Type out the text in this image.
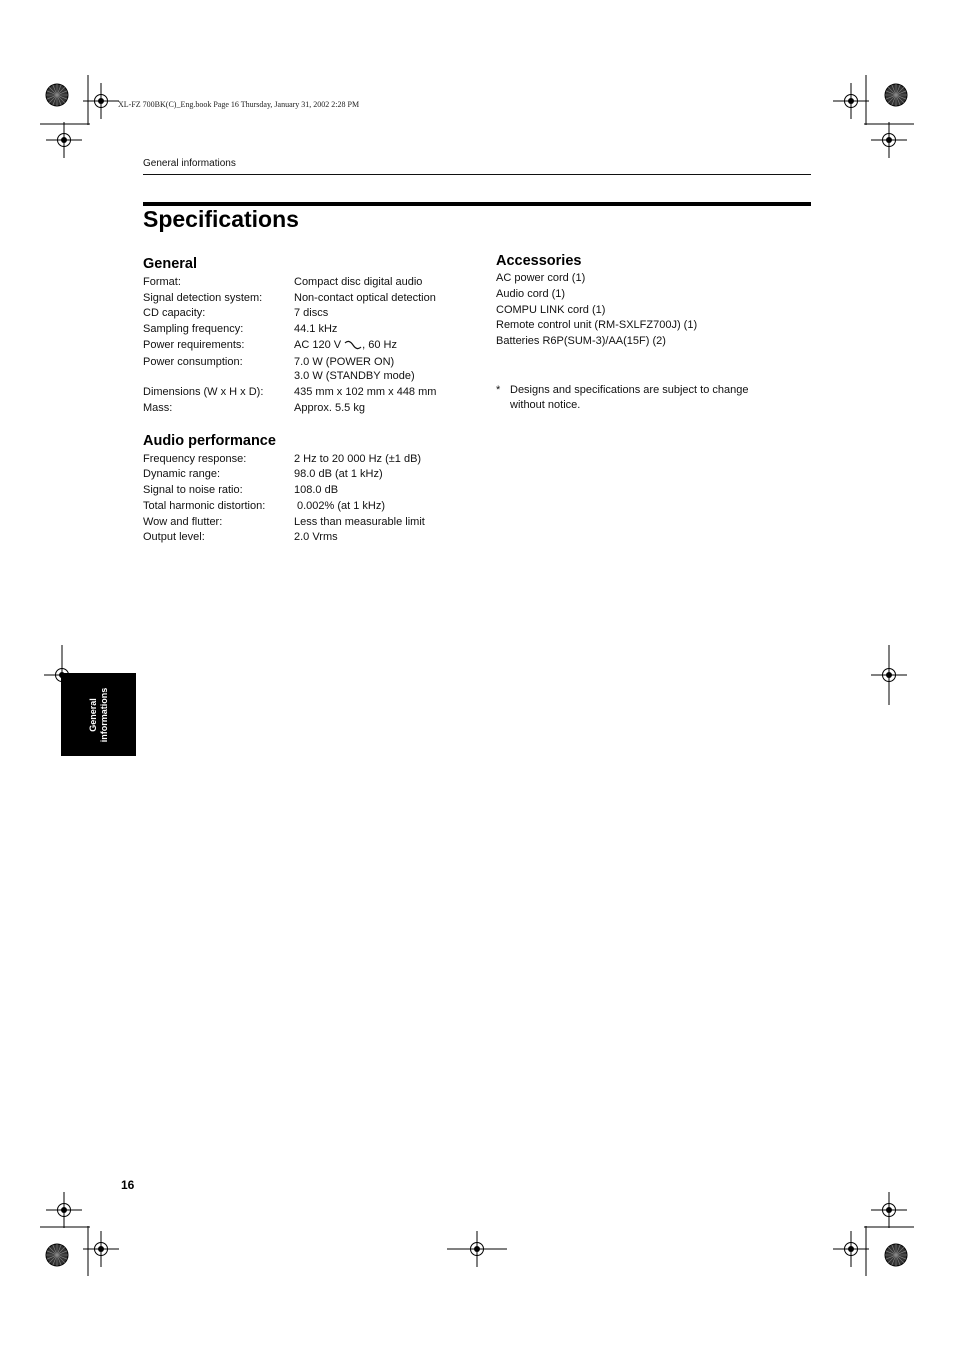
XL-FZ 700BK(C)_Eng.book Page 16 Thursday, January 31, 2002 2:28 PM
General informations
Specifications
General
Format:	Compact disc digital audio
Signal detection system:	Non-contact optical detection
CD capacity:	7 discs
Sampling frequency:	44.1 kHz
Power requirements:	AC 120 V , 60 Hz
Power consumption:	7.0 W (POWER ON)
3.0 W (STANDBY mode)
Dimensions (W x H x D):	435 mm x 102 mm x 448 mm
Mass:	Approx. 5.5 kg
Audio performance
Frequency response:	2 Hz to 20 000 Hz (±1 dB)
Dynamic range:	98.0 dB (at 1 kHz)
Signal to noise ratio:	108.0 dB
Total harmonic distortion:	0.002% (at 1 kHz)
Wow and flutter:	Less than measurable limit
Output level:	2.0 Vrms
Accessories
AC power cord (1)
Audio cord (1)
COMPU LINK cord (1)
Remote control unit (RM-SXLFZ700J) (1)
Batteries R6P(SUM-3)/AA(15F) (2)
* Designs and specifications are subject to change
without notice.
General informations
16
